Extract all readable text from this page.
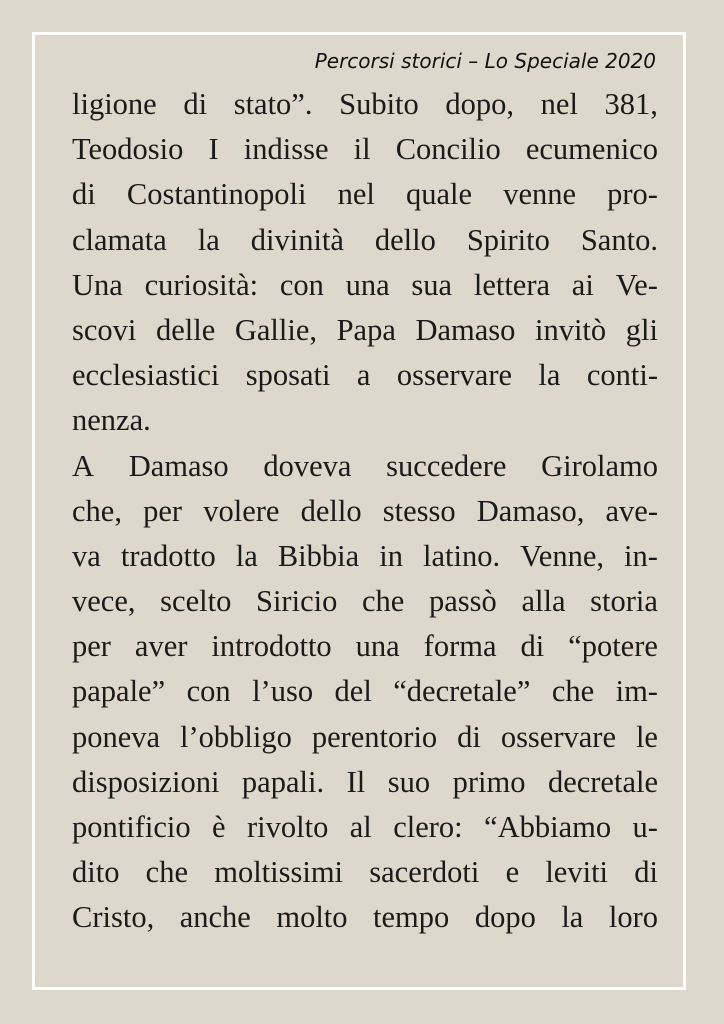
Percorsi storici – Lo Speciale 2020
ligione di stato”. Subito dopo, nel 381,
Teodosio I indisse il Concilio ecumenico
di Costantinopoli nel quale venne pro-
clamata la divinità dello Spirito Santo.
Una curiosità: con una sua lettera ai Ve-
scovi delle Gallie, Papa Damaso invitò gli
ecclesiastici sposati a osservare la conti-
nenza.
A Damaso doveva succedere Girolamo
che, per volere dello stesso Damaso, ave-
va tradotto la Bibbia in latino. Venne, in-
vece, scelto Siricio che passò alla storia
per aver introdotto una forma di “potere
papale” con l’uso del “decretale” che im-
poneva l’obbligo perentorio di osservare le
disposizioni papali. Il suo primo decretale
pontificio è rivolto al clero: “Abbiamo u-
dito che moltissimi sacerdoti e leviti di
Cristo, anche molto tempo dopo la loro
